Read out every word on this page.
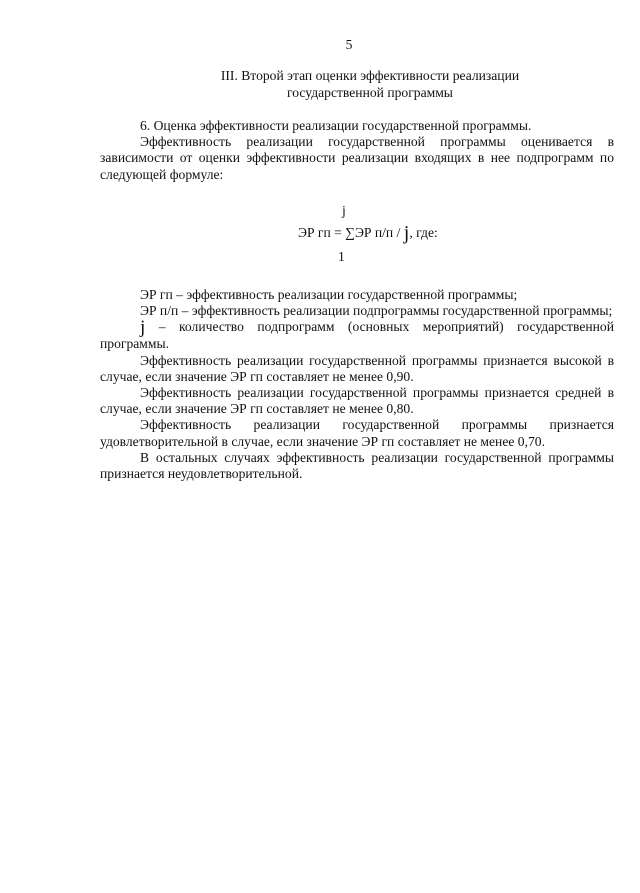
5
III. Второй этап оценки эффективности реализации
государственной программы

6. Оценка эффективности реализации государственной программы.

Эффективность реализации государственной программы оценивается в зависимости от оценки эффективности реализации входящих в нее подпрограмм по следующей формуле:

j
ЭР гп = ∑ЭР п/п / j, где:
1

ЭР гп – эффективность реализации государственной программы;

ЭР п/п – эффективность реализации подпрограммы государственной программы;

j – количество подпрограмм (основных мероприятий) государственной программы.

Эффективность реализации государственной программы признается высокой в случае, если значение ЭР гп составляет не менее 0,90.

Эффективность реализации государственной программы признается средней в случае, если значение ЭР гп составляет не менее 0,80.

Эффективность реализации государственной программы признается удовлетворительной в случае, если значение ЭР гп составляет не менее 0,70.

В остальных случаях эффективность реализации государственной программы признается неудовлетворительной.
